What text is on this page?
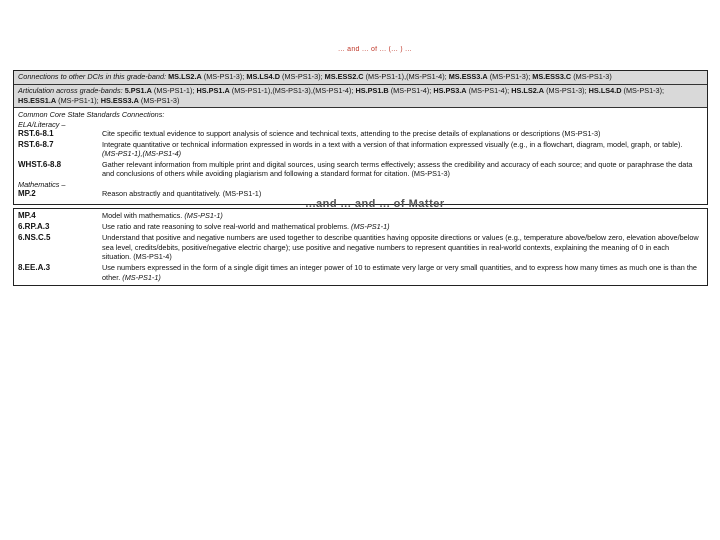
... and ... of ... (... ) ...
Connections to other DCIs in this grade-band: MS.LS2.A (MS-PS1-3); MS.LS4.D (MS-PS1-3); MS.ESS2.C (MS-PS1-1),(MS-PS1-4); MS.ESS3.A (MS-PS1-3); MS.ESS3.C (MS-PS1-3)
Articulation across grade-bands: 5.PS1.A (MS-PS1-1); HS.PS1.A (MS-PS1-1),(MS-PS1-3),(MS-PS1-4); HS.PS1.B (MS-PS1-4); HS.PS3.A (MS-PS1-4); HS.LS2.A (MS-PS1-3); HS.LS4.D (MS-PS1-3); HS.ESS1.A (MS-PS1-1); HS.ESS3.A (MS-PS1-3)
Common Core State Standards Connections:
ELA/Literacy –
RST.6-8.1	Cite specific textual evidence to support analysis of science and technical texts, attending to the precise details of explanations or descriptions (MS-PS1-3)
RST.6-8.7	Integrate quantitative or technical information expressed in words in a text with a version of that information expressed visually (e.g., in a flowchart, diagram, model, graph, or table). (MS-PS1-1),(MS-PS1-4)
WHST.6-8.8	Gather relevant information from multiple print and digital sources, using search terms effectively; assess the credibility and accuracy of each source; and quote or paraphrase the data and conclusions of others while avoiding plagiarism and following a standard format for citation. (MS-PS1-3)
Mathematics –
MP.2	Reason abstractly and quantitatively. (MS-PS1-1)
...and ... and ... of Matter
MP.4	Model with mathematics. (MS-PS1-1)
6.RP.A.3	Use ratio and rate reasoning to solve real-world and mathematical problems. (MS-PS1-1)
6.NS.C.5	Understand that positive and negative numbers are used together to describe quantities having opposite directions or values (e.g., temperature above/below zero, elevation above/below sea level, credits/debits, positive/negative electric charge); use positive and negative numbers to represent quantities in real-world contexts, explaining the meaning of 0 in each situation. (MS-PS1-4)
8.EE.A.3	Use numbers expressed in the form of a single digit times an integer power of 10 to estimate very large or very small quantities, and to express how many times as much one is than the other. (MS-PS1-1)
